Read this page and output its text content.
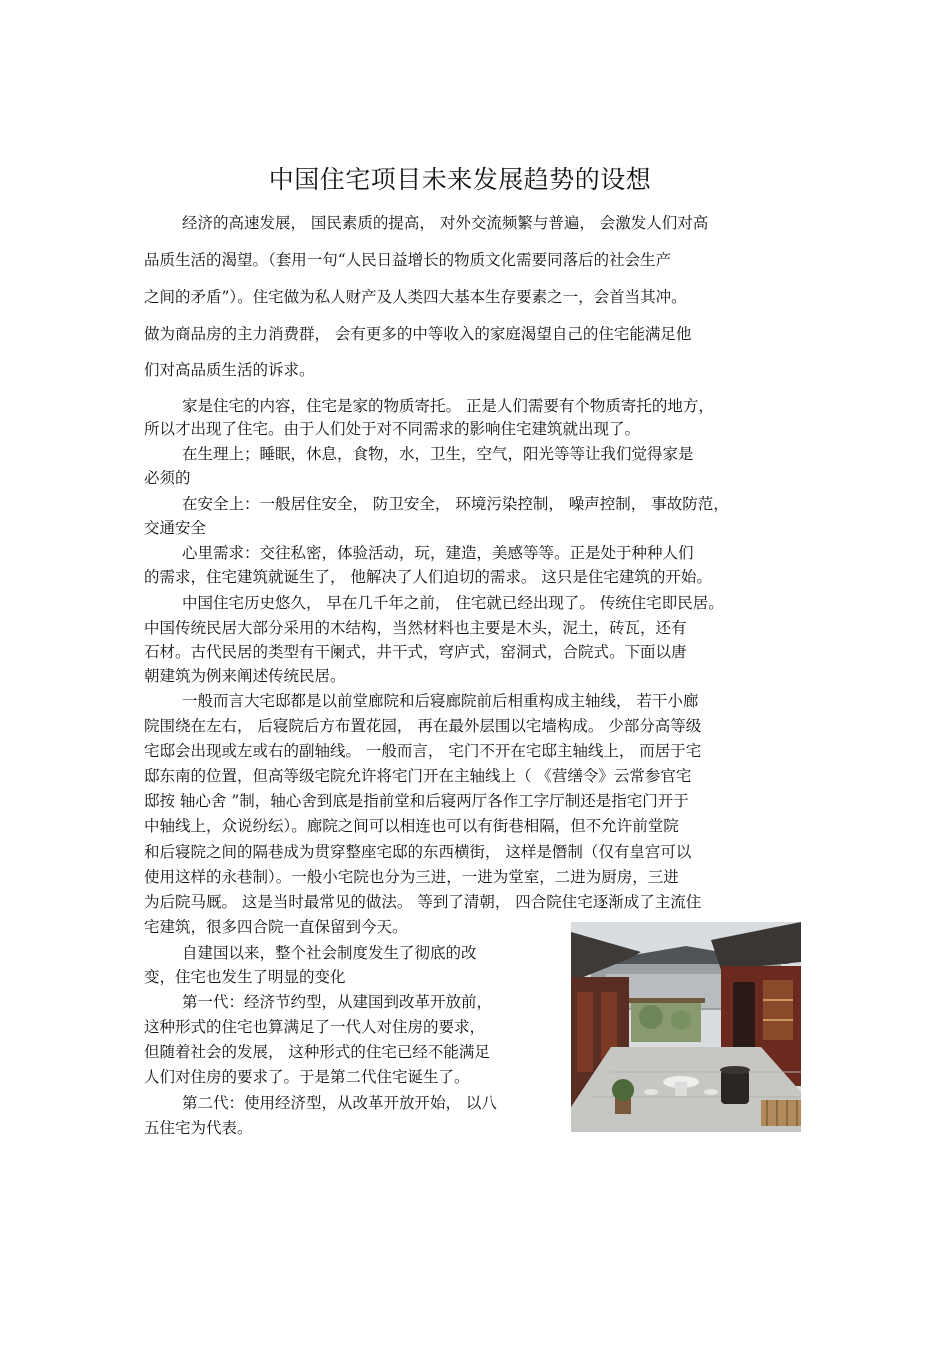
中国住宅项目未来发展趋势的设想
经济的高速发展， 国民素质的提高， 对外交流频繁与普遍， 会激发人们对高
品质生活的渴望。（套用一句“人民日益增长的物质文化需要同落后的社会生产
之间的矛盾”）。住宅做为私人财产及人类四大基本生存要素之一，会首当其冲。
做为商品房的主力消费群， 会有更多的中等收入的家庭渴望自己的住宅能满足他
们对高品质生活的诉求。
家是住宅的内容，住宅是家的物质寄托。 正是人们需要有个物质寄托的地方，
所以才出现了住宅。由于人们处于对不同需求的影响住宅建筑就出现了。
在生理上；睡眠，休息，食物，水，卫生，空气，阳光等等让我们觉得家是
必须的
在安全上：一般居住安全， 防卫安全， 环境污染控制， 噪声控制， 事故防范，
交通安全
心里需求：交往私密，体验活动，玩，建造，美感等等。正是处于种种人们
的需求，住宅建筑就诞生了， 他解决了人们迫切的需求。 这只是住宅建筑的开始。
中国住宅历史悠久， 早在几千年之前， 住宅就已经出现了。 传统住宅即民居。
中国传统民居大部分采用的木结构，当然材料也主要是木头，泥土，砖瓦，还有
石材。古代民居的类型有干阑式，井干式，穹庐式，窑洞式，合院式。下面以唐
朝建筑为例来阐述传统民居。
一般而言大宅邸都是以前堂廊院和后寝廊院前后相重构成主轴线， 若干小廊
院围绕在左右， 后寝院后方布置花园， 再在最外层围以宅墙构成。 少部分高等级
宅邸会出现或左或右的副轴线。 一般而言， 宅门不开在宅邸主轴线上， 而居于宅
邸东南的位置，但高等级宅院允许将宅门开在主轴线上（ 《营缮令》云常参官宅
邸按 轴心舍 ”制，轴心舍到底是指前堂和后寝两厅各作工字厅制还是指宅门开于
中轴线上，众说纷纭）。廊院之间可以相连也可以有街巷相隔，但不允许前堂院
和后寝院之间的隔巷成为贯穿整座宅邸的东西横街， 这样是僭制（仅有皇宫可以
使用这样的永巷制）。一般小宅院也分为三进，一进为堂室，二进为厨房，三进
为后院马厩。 这是当时最常见的做法。 等到了清朝， 四合院住宅逐渐成了主流住
宅建筑，很多四合院一直保留到今天。
自建国以来，整个社会制度发生了彻底的改
变，住宅也发生了明显的变化
第一代：经济节约型，从建国到改革开放前，
这种形式的住宅也算满足了一代人对住房的要求，
但随着社会的发展， 这种形式的住宅已经不能满足
人们对住房的要求了。于是第二代住宅诞生了。
第二代：使用经济型，从改革开放开始， 以八
五住宅为代表。
